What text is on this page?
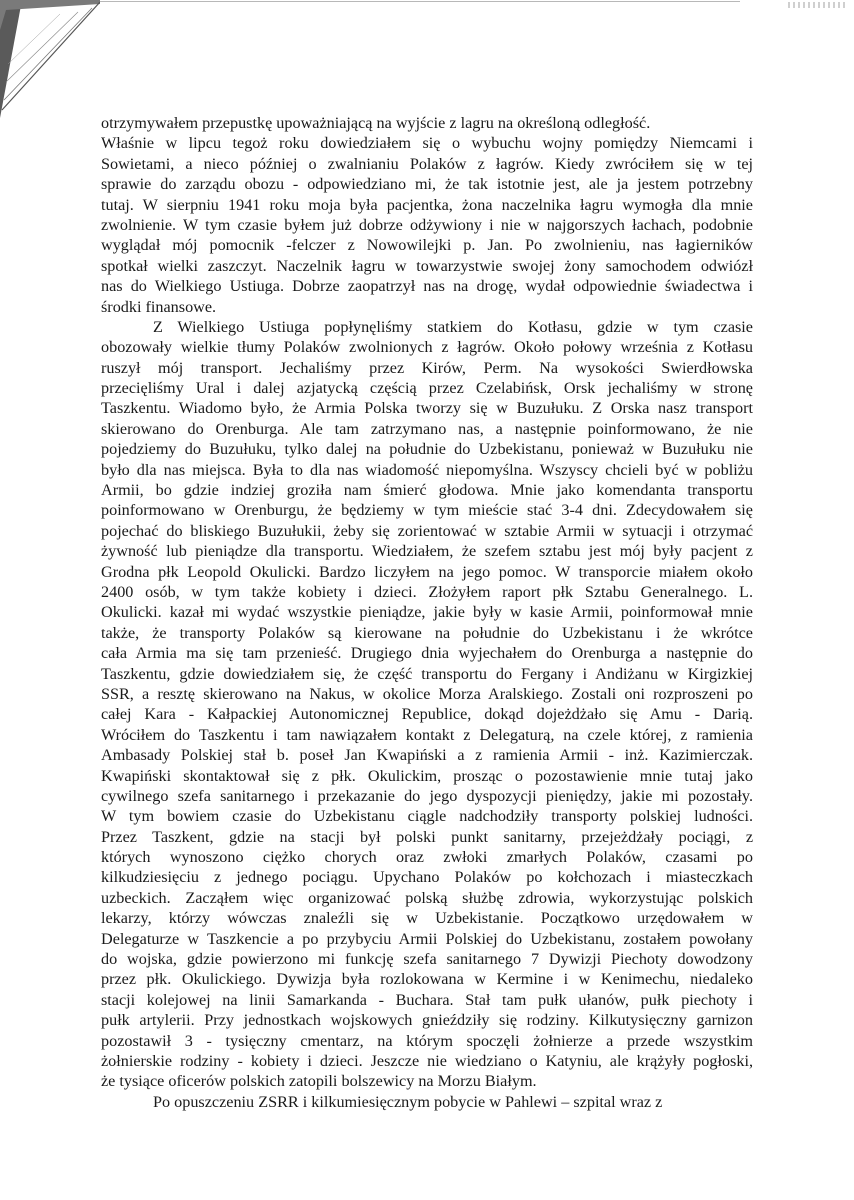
otrzymywałem przepustkę upoważniającą na wyjście z lagru na określoną odległość.
Właśnie w lipcu tegoż roku dowiedziałem się o wybuchu wojny pomiędzy Niemcami i
Sowietami, a nieco później o zwalnianiu Polaków z łagrów. Kiedy zwróciłem się w tej
sprawie do zarządu obozu - odpowiedziano mi, że tak istotnie jest, ale ja jestem potrzebny
tutaj. W sierpniu 1941 roku moja była pacjentka, żona naczelnika łagru wymogła dla mnie
zwolnienie. W tym czasie byłem już dobrze odżywiony i nie w najgorszych łachach, podobnie
wyglądał mój pomocnik -felczer z Nowowilejki p. Jan. Po zwolnieniu, nas łagierników
spotkał wielki zaszczyt. Naczelnik łagru w towarzystwie swojej żony samochodem odwiózł
nas do Wielkiego Ustiuga. Dobrze zaopatrzył nas na drogę, wydał odpowiednie świadectwa i
środki finansowe.
Z Wielkiego Ustiuga popłynęliśmy statkiem do Kotłasu, gdzie w tym czasie
obozowały wielkie tłumy Polaków zwolnionych z łagrów. Około połowy września z Kotłasu
ruszył mój transport. Jechaliśmy przez Kirów, Perm. Na wysokości Swierdłowska
przecięliśmy Ural i dalej azjatycką częścią przez Czelabińsk, Orsk jechaliśmy w stronę
Taszkentu. Wiadomo było, że Armia Polska tworzy się w Buzułuku. Z Orska nasz transport
skierowano do Orenburga. Ale tam zatrzymano nas, a następnie poinformowano, że nie
pojedziemy do Buzułuku, tylko dalej na południe do Uzbekistanu, ponieważ w Buzułuku nie
było dla nas miejsca. Była to dla nas wiadomość niepomyślna. Wszyscy chcieli być w pobliżu
Armii, bo gdzie indziej groziła nam śmierć głodowa. Mnie jako komendanta transportu
poinformowano w Orenburgu, że będziemy w tym mieście stać 3-4 dni. Zdecydowałem się
pojechać do bliskiego Buzułukii, żeby się zorientować w sztabie Armii w sytuacji i otrzymać
żywność lub pieniądze dla transportu. Wiedziałem, że szefem sztabu jest mój były pacjent z
Grodna płk Leopold Okulicki. Bardzo liczyłem na jego pomoc. W transporcie miałem około
2400 osób, w tym także kobiety i dzieci. Złożyłem raport płk Sztabu Generalnego. L.
Okulicki. kazał mi wydać wszystkie pieniądze, jakie były w kasie Armii, poinformował mnie
także, że transporty Polaków są kierowane na południe do Uzbekistanu i że wkrótce
cała Armia ma się tam przenieść. Drugiego dnia wyjechałem do Orenburga a następnie do
Taszkentu, gdzie dowiedziałem się, że część transportu do Fergany i Andiżanu w Kirgizkiej
SSR, a resztę skierowano na Nakus, w okolice Morza Aralskiego. Zostali oni rozproszeni po
całej Kara - Kałpackiej Autonomicznej Republice, dokąd dojeżdżało się Amu - Darią.
Wróciłem do Taszkentu i tam nawiązałem kontakt z Delegaturą, na czele której, z ramienia
Ambasady Polskiej stał b. poseł Jan Kwapiński a z ramienia Armii - inż. Kazimierczak.
Kwapiński skontaktował się z płk. Okulickim, prosząc o pozostawienie mnie tutaj jako
cywilnego szefa sanitarnego i przekazanie do jego dyspozycji pieniędzy, jakie mi pozostały.
W tym bowiem czasie do Uzbekistanu ciągle nadchodziły transporty polskiej ludności.
Przez Taszkent, gdzie na stacji był polski punkt sanitarny, przejeżdżały pociągi, z
których wynoszono ciężko chorych oraz zwłoki zmarłych Polaków, czasami po
kilkudziesięciu z jednego pociągu. Upychano Polaków po kołchozach i miasteczkach
uzbeckich. Zacząłem więc organizować polską służbę zdrowia, wykorzystując polskich
lekarzy, którzy wówczas znaleźli się w Uzbekistanie. Początkowo urzędowałem w
Delegaturze w Taszkencie a po przybyciu Armii Polskiej do Uzbekistanu, zostałem powołany
do wojska, gdzie powierzono mi funkcję szefa sanitarnego 7 Dywizji Piechoty dowodzony
przez płk. Okulickiego. Dywizja była rozlokowana w Kermine i w Kenimechu, niedaleko
stacji kolejowej na linii Samarkanda - Buchara. Stał tam pułk ułanów, pułk piechoty i
pułk artylerii. Przy jednostkach wojskowych gnieździły się rodziny. Kilkutysięczny garnizon
pozostawił 3 - tysięczny cmentarz, na którym spoczęli żołnierze a przede wszystkim
żołnierskie rodziny - kobiety i dzieci. Jeszcze nie wiedziano o Katyniu, ale krążyły pogłoski,
że tysiące oficerów polskich zatopili bolszewicy na Morzu Białym.
Po opuszczeniu ZSRR i kilkumiesięcznym pobycie w Pahlewi – szpital wraz z
